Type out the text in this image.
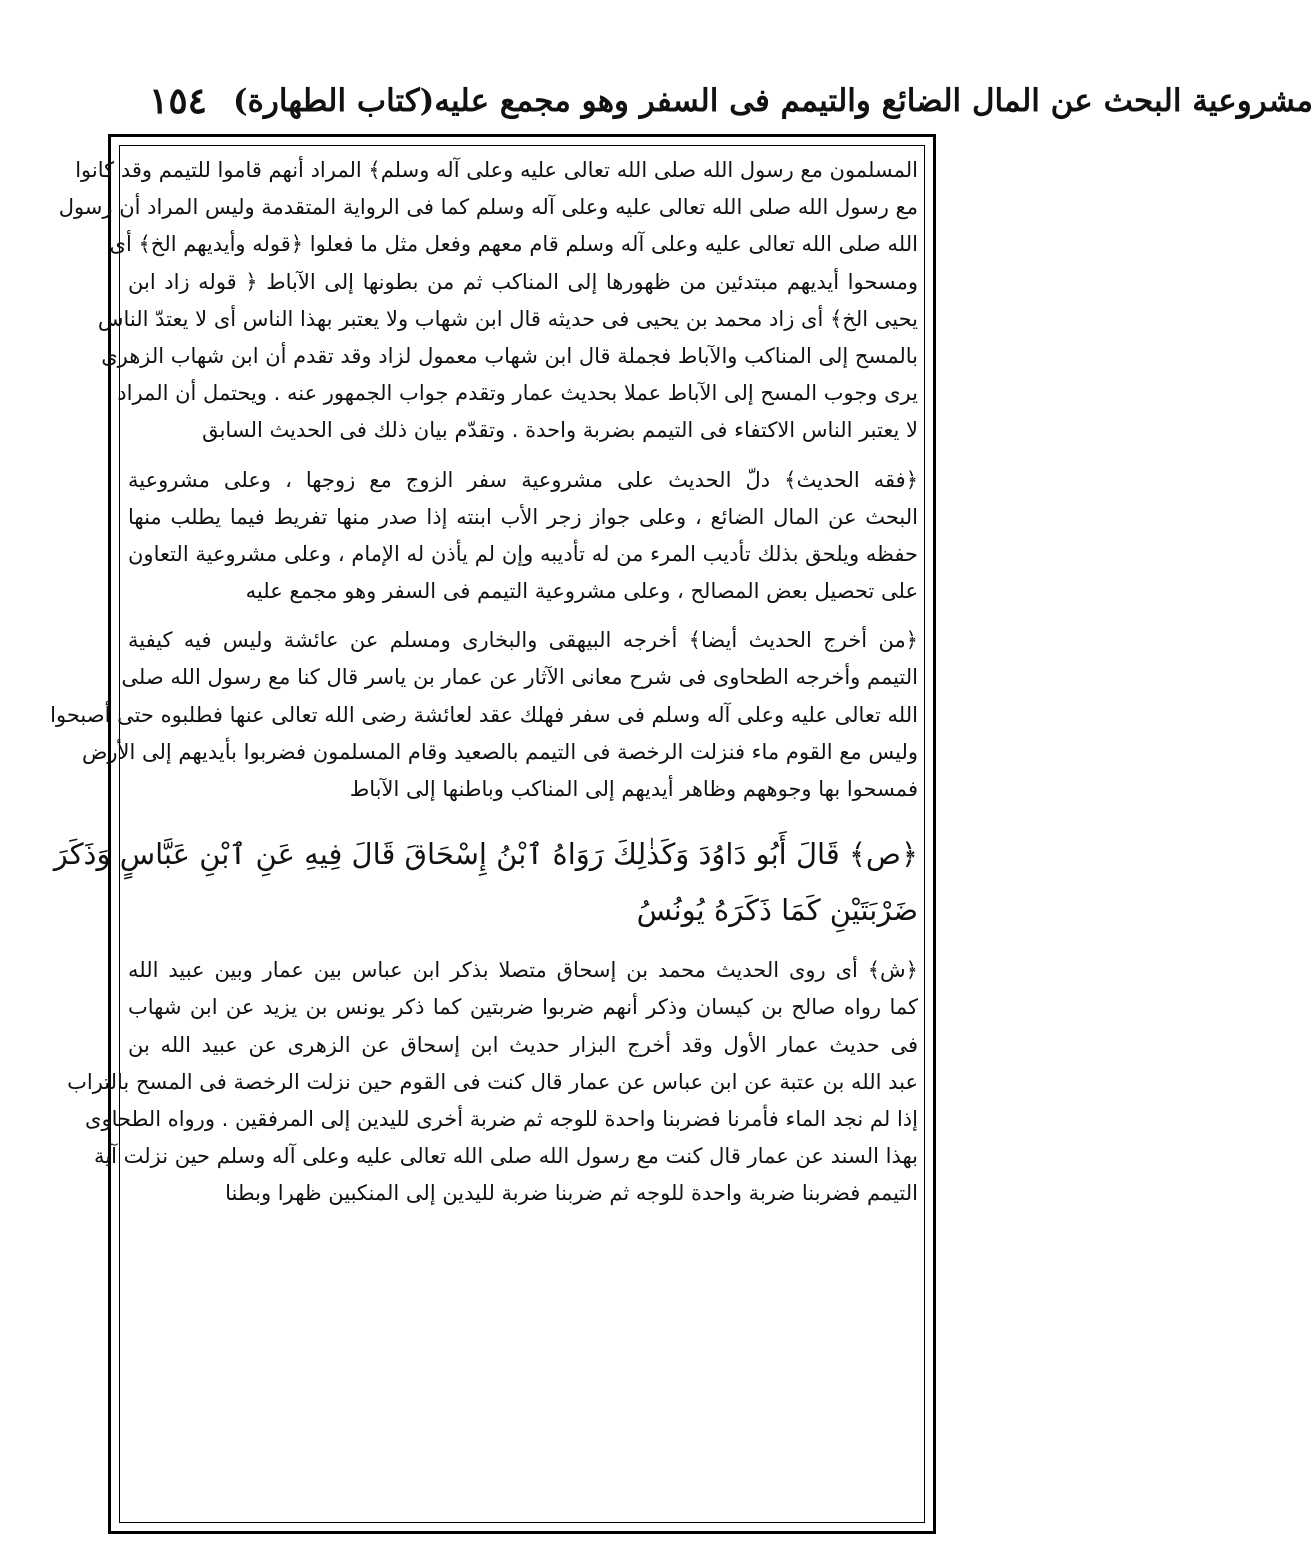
١٥٤ (كتاب الطهارة) مشروعية البحث عن المال الضائع والتيمم فى السفر وهو مجمع عليه
المسلمون مع رسول الله صلى الله تعالى عليه وعلى آله وسلم﴾ المراد أنهم قاموا للتيمم وقد كانوا
مع رسول الله صلى الله تعالى عليه وعلى آله وسلم كما فى الرواية المتقدمة وليس المراد أن رسول
الله صلى الله تعالى عليه وعلى آله وسلم قام معهم وفعل مثل ما فعلوا ﴿قوله وأيديهم الخ﴾ أى
ومسحوا أيديهم مبتدئين من ظهورها إلى المناكب ثم من بطونها إلى الآباط ﴿ قوله زاد ابن
يحيى الخ﴾ أى زاد محمد بن يحيى فى حديثه قال ابن شهاب ولا يعتبر بهذا الناس أى لا يعتدّ الناس
بالمسح إلى المناكب والآباط فجملة قال ابن شهاب معمول لزاد وقد تقدم أن ابن شهاب الزهرى
يرى وجوب المسح إلى الآباط عملا بحديث عمار وتقدم جواب الجمهور عنه . ويحتمل أن المراد
لا يعتبر الناس الاكتفاء فى التيمم بضربة واحدة . وتقدّم بيان ذلك فى الحديث السابق
﴿فقه الحديث﴾ دلّ الحديث على مشروعية سفر الزوج مع زوجها ، وعلى مشروعية
البحث عن المال الضائع ، وعلى جواز زجر الأب ابنته إذا صدر منها تفريط فيما يطلب منها
حفظه ويلحق بذلك تأديب المرء من له تأديبه وإن لم يأذن له الإمام ، وعلى مشروعية التعاون
على تحصيل بعض المصالح ، وعلى مشروعية التيمم فى السفر وهو مجمع عليه
﴿من أخرج الحديث أيضا﴾ أخرجه البيهقى والبخارى ومسلم عن عائشة وليس فيه كيفية
التيمم وأخرجه الطحاوى فى شرح معانى الآثار عن عمار بن ياسر قال كنا مع رسول الله صلى
الله تعالى عليه وعلى آله وسلم فى سفر فهلك عقد لعائشة رضى الله تعالى عنها فطلبوه حتى أصبحوا
وليس مع القوم ماء فنزلت الرخصة فى التيمم بالصعيد وقام المسلمون فضربوا بأيديهم إلى الأرض
فمسحوا بها وجوههم وظاهر أيديهم إلى المناكب وباطنها إلى الآباط
﴿ص﴾ قَالَ أَبُو دَاوُدَ وَكَذٰلِكَ رَوَاهُ ٱبْنُ إِسْحَاقَ قَالَ فِيهِ عَنِ ٱبْنِ عَبَّاسٍ وَذَكَرَ
ضَرْبَتَيْنِ كَمَا ذَكَرَهُ يُونُسُ
﴿ش﴾ أى روى الحديث محمد بن إسحاق متصلا بذكر ابن عباس بين عمار وبين عبيد الله
كما رواه صالح بن كيسان وذكر أنهم ضربوا ضربتين كما ذكر يونس بن يزيد عن ابن شهاب
فى حديث عمار الأول وقد أخرج البزار حديث ابن إسحاق عن الزهرى عن عبيد الله بن
عبد الله بن عتبة عن ابن عباس عن عمار قال كنت فى القوم حين نزلت الرخصة فى المسح بالتراب
إذا لم نجد الماء فأمرنا فضربنا واحدة للوجه ثم ضربة أخرى لليدين إلى المرفقين . ورواه الطحاوى
بهذا السند عن عمار قال كنت مع رسول الله صلى الله تعالى عليه وعلى آله وسلم حين نزلت آية
التيمم فضربنا ضربة واحدة للوجه ثم ضربنا ضربة لليدين إلى المنكبين ظهرا وبطنا
